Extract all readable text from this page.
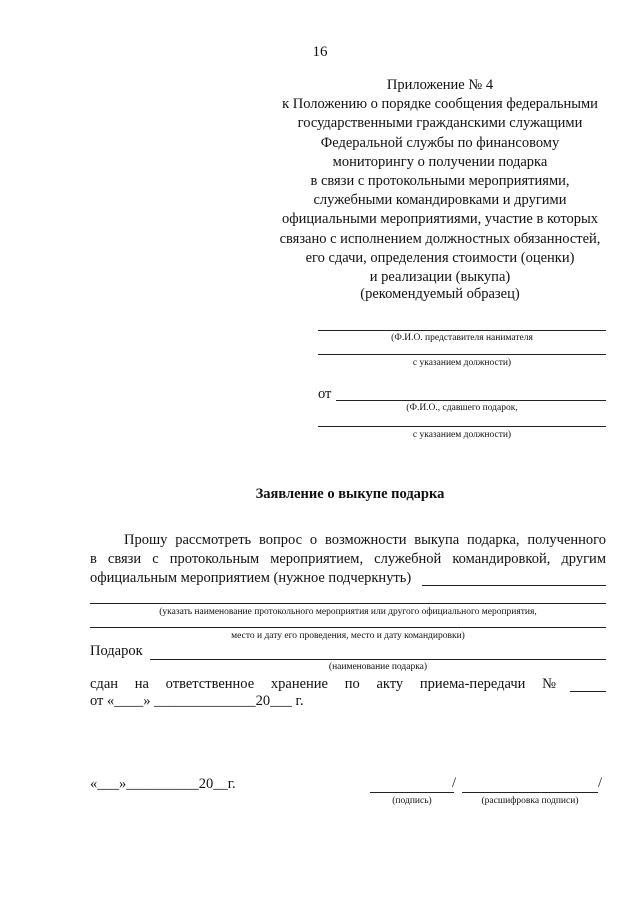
16
Приложение № 4
к Положению о порядке сообщения федеральными
государственными гражданскими служащими
Федеральной службы по финансовому
мониторингу о получении подарка
в связи с протокольными мероприятиями,
служебными командировками и другими
официальными мероприятиями, участие в которых
связано с исполнением должностных обязанностей,
его сдачи, определения стоимости (оценки)
и реализации (выкупа)
(рекомендуемый образец)
(Ф.И.О. представителя нанимателя
с указанием должности)
от
(Ф.И.О., сдавшего подарок,
с указанием должности)
Заявление о выкупе подарка
Прошу рассмотреть вопрос о возможности выкупа подарка, полученного
в связи с протокольным мероприятием, служебной командировкой, другим
официальным мероприятием (нужное подчеркнуть)
(указать наименование протокольного мероприятия или другого официального мероприятия,
место и дату его проведения, место и дату командировки)
Подарок
(наименование подарка)
сдан на ответственное хранение по акту приема-передачи №
от «____» ______________20___ г.
«___»__________20__г.	/	/
(подпись)	(расшифровка подписи)
